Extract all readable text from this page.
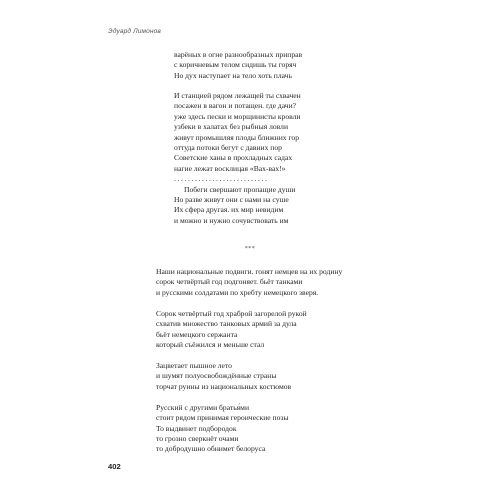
Эдуард Лимонов
варёных в огне разнообразных приправ
с коричневым телом сидишь ты горяч
Но дух наступает на тело хоть плачь
И станцией рядом лежащей ты схвачен
посажен в вагон и потащен. где дачи?
уже здесь пески и морщинисты кровли
узбеки в халатах без рыбныя ловли
живут промышляя плоды ближних гор
оттуда потоки бегут с давних пор
Советские ханы в прохладных садах
нагие лежат восклицая «Вах-вах!»
...........................
Побеги свершают пропащие души
Но разве живут они с нами на суше
Их сфера другая. их мир невидим
и можно и нужно сочувствовать им
***
Наши национальные подвиги. гонят немцев на их родину
сорок четвёртый год подгоняет. бьёт танками
и русскими солдатами по хребту немецкого зверя.
Сорок четвёртый год храброй загорелой рукой
схватив множество танковых армий за дула
бьёт немецкого сержанта
который съёжился и меньше стал
Зацветает пышное лето
и шумят полуосвобождённые страны
торчат руины из национальных костюмов
Русский с другими братья́ми
стоит рядом принимая героические позы
То выдвинет подбородок
то грозно сверкнёт очами
то добродушно обнимет белоруса
402
